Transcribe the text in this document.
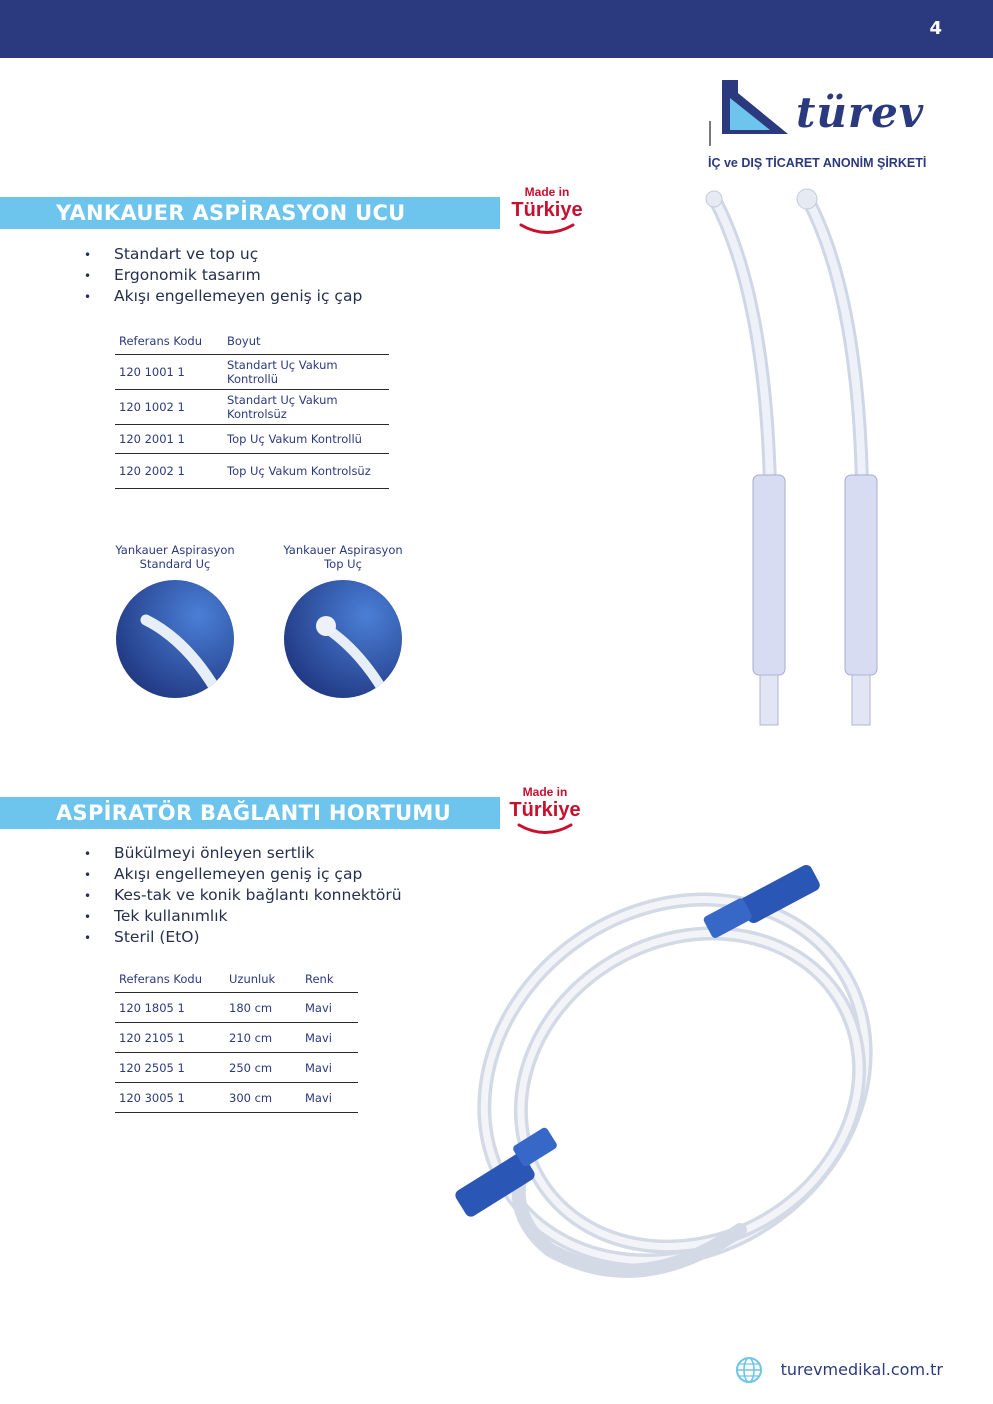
4
türev
İÇ ve DIŞ TİCARET ANONİM ŞİRKETİ
YANKAUER ASPİRASYON UCU
Made in
Türkiye
• Standart ve top uç
• Ergonomik tasarım
• Akışı engellemeyen geniş iç çap
Referans Kodu	Boyut
120 1001 1	Standart Uç Vakum Kontrollü
120 1002 1	Standart Uç Vakum Kontrolsüz
120 2001 1	Top Uç Vakum Kontrollü
120 2002 1	Top Uç Vakum Kontrolsüz
Yankauer Aspirasyon
Standard Uç
Yankauer Aspirasyon
Top Uç
ASPİRATÖR BAĞLANTI HORTUMU
Made in
Türkiye
• Bükülmeyi önleyen sertlik
• Akışı engellemeyen geniş iç çap
• Kes-tak ve konik bağlantı konnektörü
• Tek kullanımlık
• Steril (EtO)
Referans Kodu	Uzunluk	Renk
120 1805 1	180 cm	Mavi
120 2105 1	210 cm	Mavi
120 2505 1	250 cm	Mavi
120 3005 1	300 cm	Mavi
turevmedikal.com.tr
